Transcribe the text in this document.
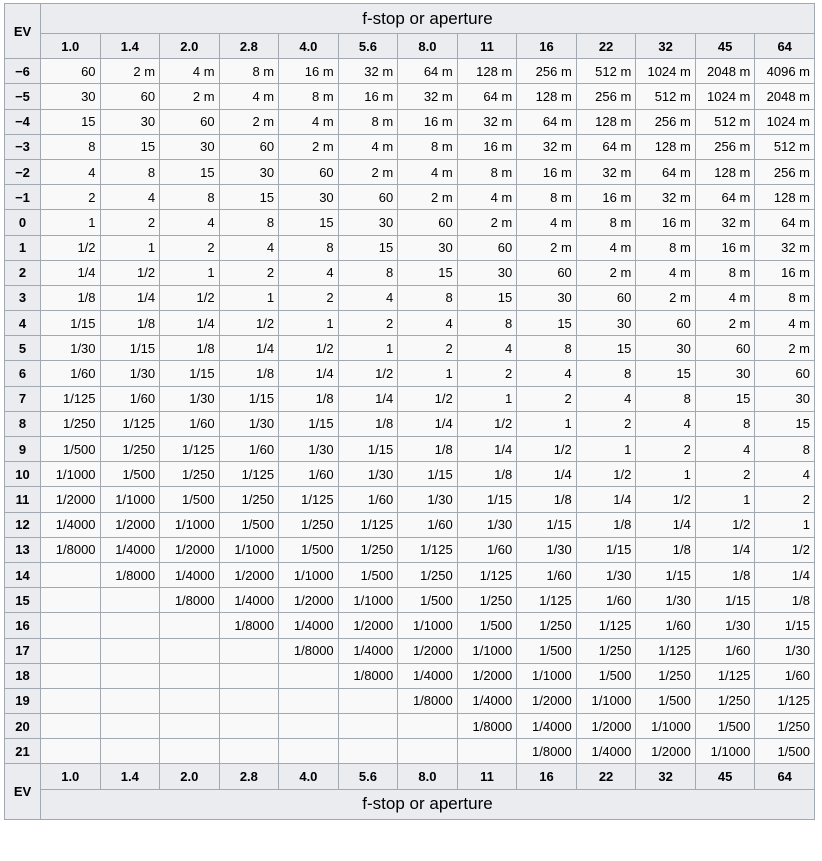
EV	f-stop or aperture												
	1.0	1.4	2.0	2.8	4.0	5.6	8.0	11	16	22	32	45	64
−6	60	2 m	4 m	8 m	16 m	32 m	64 m	128 m	256 m	512 m	1024 m	2048 m	4096 m
−5	30	60	2 m	4 m	8 m	16 m	32 m	64 m	128 m	256 m	512 m	1024 m	2048 m
−4	15	30	60	2 m	4 m	8 m	16 m	32 m	64 m	128 m	256 m	512 m	1024 m
−3	8	15	30	60	2 m	4 m	8 m	16 m	32 m	64 m	128 m	256 m	512 m
−2	4	8	15	30	60	2 m	4 m	8 m	16 m	32 m	64 m	128 m	256 m
−1	2	4	8	15	30	60	2 m	4 m	8 m	16 m	32 m	64 m	128 m
0	1	2	4	8	15	30	60	2 m	4 m	8 m	16 m	32 m	64 m
1	1/2	1	2	4	8	15	30	60	2 m	4 m	8 m	16 m	32 m
2	1/4	1/2	1	2	4	8	15	30	60	2 m	4 m	8 m	16 m
3	1/8	1/4	1/2	1	2	4	8	15	30	60	2 m	4 m	8 m
4	1/15	1/8	1/4	1/2	1	2	4	8	15	30	60	2 m	4 m
5	1/30	1/15	1/8	1/4	1/2	1	2	4	8	15	30	60	2 m
6	1/60	1/30	1/15	1/8	1/4	1/2	1	2	4	8	15	30	60
7	1/125	1/60	1/30	1/15	1/8	1/4	1/2	1	2	4	8	15	30
8	1/250	1/125	1/60	1/30	1/15	1/8	1/4	1/2	1	2	4	8	15
9	1/500	1/250	1/125	1/60	1/30	1/15	1/8	1/4	1/2	1	2	4	8
10	1/1000	1/500	1/250	1/125	1/60	1/30	1/15	1/8	1/4	1/2	1	2	4
11	1/2000	1/1000	1/500	1/250	1/125	1/60	1/30	1/15	1/8	1/4	1/2	1	2
12	1/4000	1/2000	1/1000	1/500	1/250	1/125	1/60	1/30	1/15	1/8	1/4	1/2	1
13	1/8000	1/4000	1/2000	1/1000	1/500	1/250	1/125	1/60	1/30	1/15	1/8	1/4	1/2
14		1/8000	1/4000	1/2000	1/1000	1/500	1/250	1/125	1/60	1/30	1/15	1/8	1/4
15			1/8000	1/4000	1/2000	1/1000	1/500	1/250	1/125	1/60	1/30	1/15	1/8
16				1/8000	1/4000	1/2000	1/1000	1/500	1/250	1/125	1/60	1/30	1/15
17					1/8000	1/4000	1/2000	1/1000	1/500	1/250	1/125	1/60	1/30
18						1/8000	1/4000	1/2000	1/1000	1/500	1/250	1/125	1/60
19							1/8000	1/4000	1/2000	1/1000	1/500	1/250	1/125
20								1/8000	1/4000	1/2000	1/1000	1/500	1/250
21									1/8000	1/4000	1/2000	1/1000	1/500
EV	1.0	1.4	2.0	2.8	4.0	5.6	8.0	11	16	22	32	45	64
	f-stop or aperture												
